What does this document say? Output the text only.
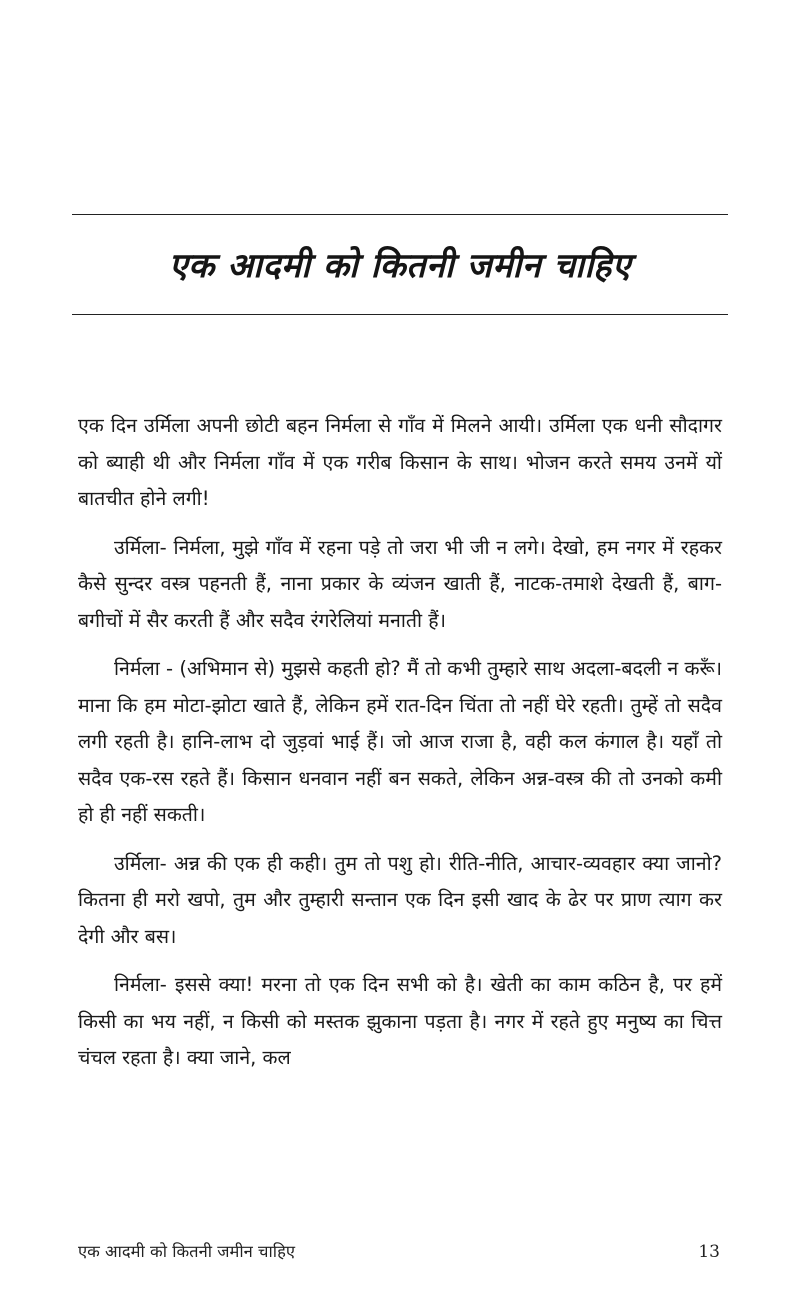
एक आदमी को कितनी जमीन चाहिए

एक दिन उर्मिला अपनी छोटी बहन निर्मला से गाँव में मिलने आयी। उर्मिला एक धनी सौदागर को ब्याही थी और निर्मला गाँव में एक गरीब किसान के साथ। भोजन करते समय उनमें यों बातचीत होने लगी!

उर्मिला- निर्मला, मुझे गाँव में रहना पड़े तो जरा भी जी न लगे। देखो, हम नगर में रहकर कैसे सुन्दर वस्त्र पहनती हैं, नाना प्रकार के व्यंजन खाती हैं, नाटक-तमाशे देखती हैं, बाग-बगीचों में सैर करती हैं और सदैव रंगरेलियां मनाती हैं।

निर्मला - (अभिमान से) मुझसे कहती हो? मैं तो कभी तुम्हारे साथ अदला-बदली न करूँ। माना कि हम मोटा-झोटा खाते हैं, लेकिन हमें रात-दिन चिंता तो नहीं घेरे रहती। तुम्हें तो सदैव लगी रहती है। हानि-लाभ दो जुड़वां भाई हैं। जो आज राजा है, वही कल कंगाल है। यहाँ तो सदैव एक-रस रहते हैं। किसान धनवान नहीं बन सकते, लेकिन अन्न-वस्त्र की तो उनको कमी हो ही नहीं सकती।

उर्मिला- अन्न की एक ही कही। तुम तो पशु हो। रीति-नीति, आचार-व्यवहार क्या जानो? कितना ही मरो खपो, तुम और तुम्हारी सन्तान एक दिन इसी खाद के ढेर पर प्राण त्याग कर देगी और बस।

निर्मला- इससे क्या! मरना तो एक दिन सभी को है। खेती का काम कठिन है, पर हमें किसी का भय नहीं, न किसी को मस्तक झुकाना पड़ता है। नगर में रहते हुए मनुष्य का चित्त चंचल रहता है। क्या जाने, कल

एक आदमी को कितनी जमीन चाहिए	13
